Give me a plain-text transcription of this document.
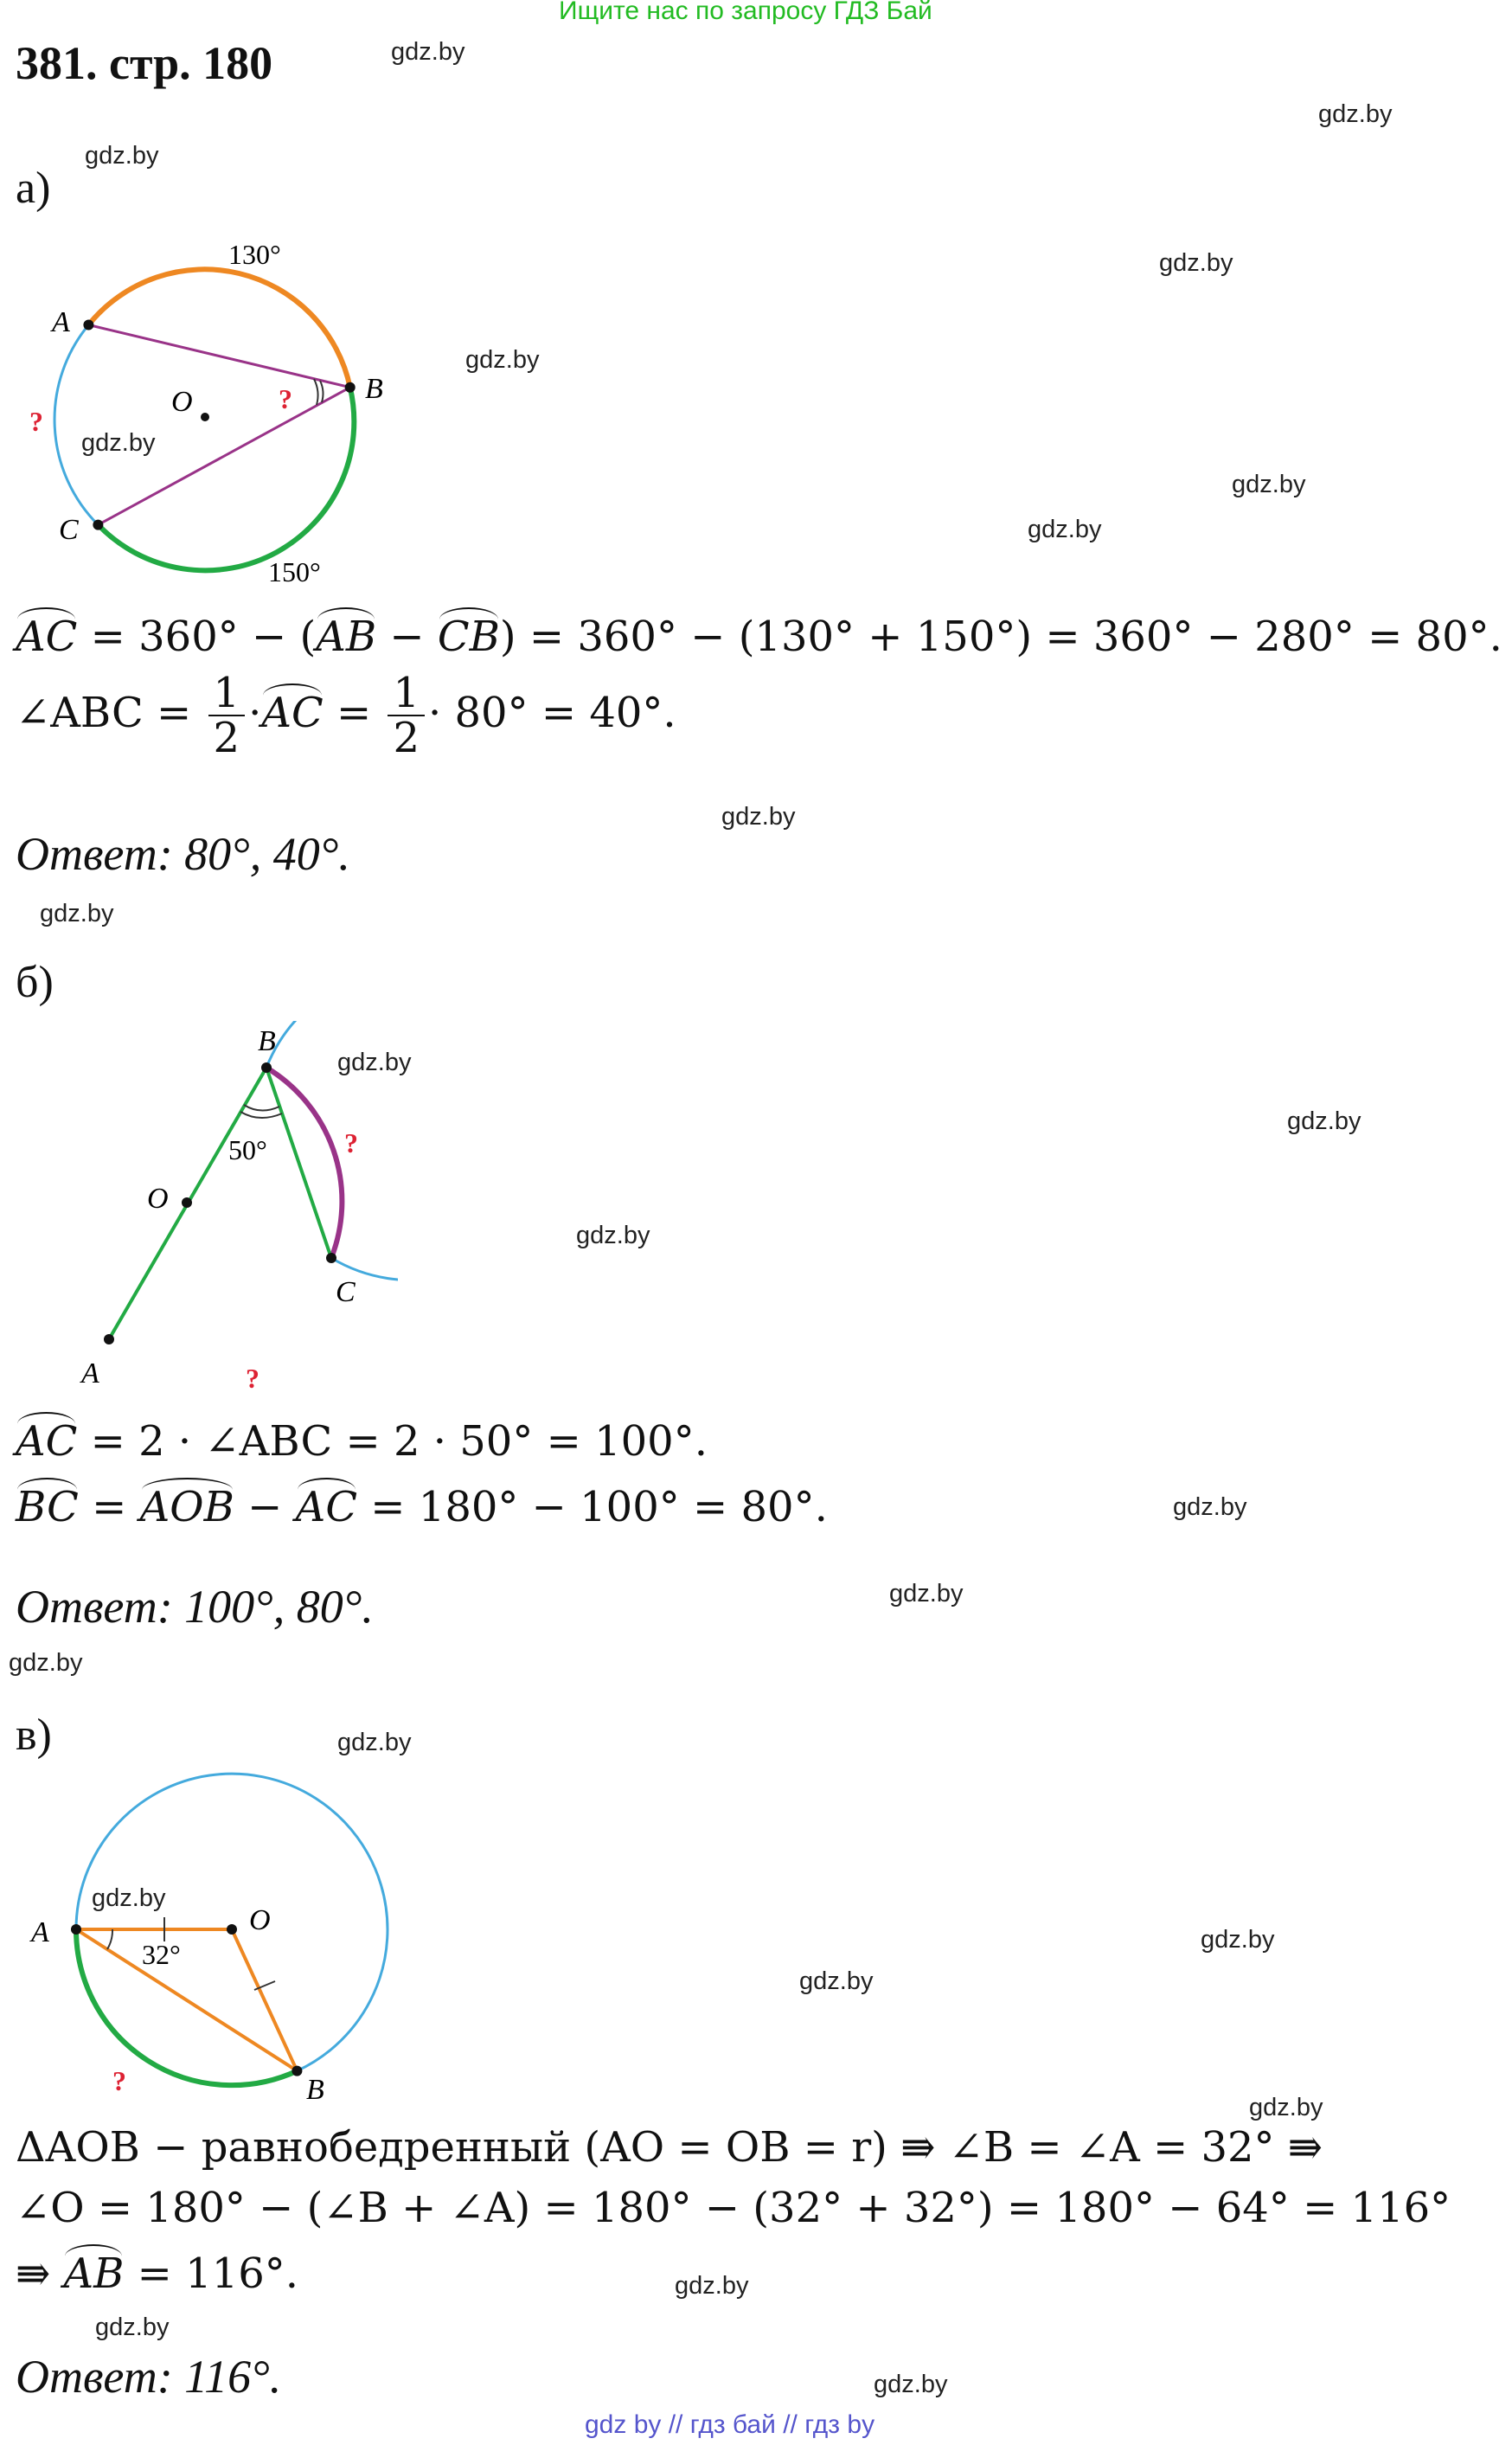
Ищите нас по запросу ГДЗ Бай
381. стр. 180	gdz.by
gdz.by
gdz.by
gdz.by
gdz.by
gdz.by
gdz.by
gdz.by
gdz.by
gdz.by
gdz.by
gdz.by
gdz.by
gdz.by
gdz.by
gdz.by
gdz.by
gdz.by
gdz.by
gdz.by
gdz.by
gdz.by
gdz.by
gdz.by
а)
A
B
C
O
130°
150°
?
?
AC = 360° − (AB − CB) = 360° − (130° + 150°) = 360° − 280° = 80°.
∠ABC = $\frac{1}{2} \cdot AC = \frac{1}{2} \cdot 80^\circ = 40^\circ$.
Ответ: 80°, 40°.
б)
B
C
A
O
50°	?
?
AC = 2 · ∠ABC = 2 · 50° = 100°.
BC = AOB − AC = 180° − 100° = 80°.
Ответ: 100°, 80°.
в)
A	O
B
32°
?
ΔAOB − равнобедренный (AO = OB = r) ⇛ ∠B = ∠A = 32° ⇛
∠O = 180° − (∠B + ∠A) = 180° − (32° + 32°) = 180° − 64° = 116°
⇛ AB = 116°.
Ответ: 116°.
gdz by // гдз бай // гдз by
